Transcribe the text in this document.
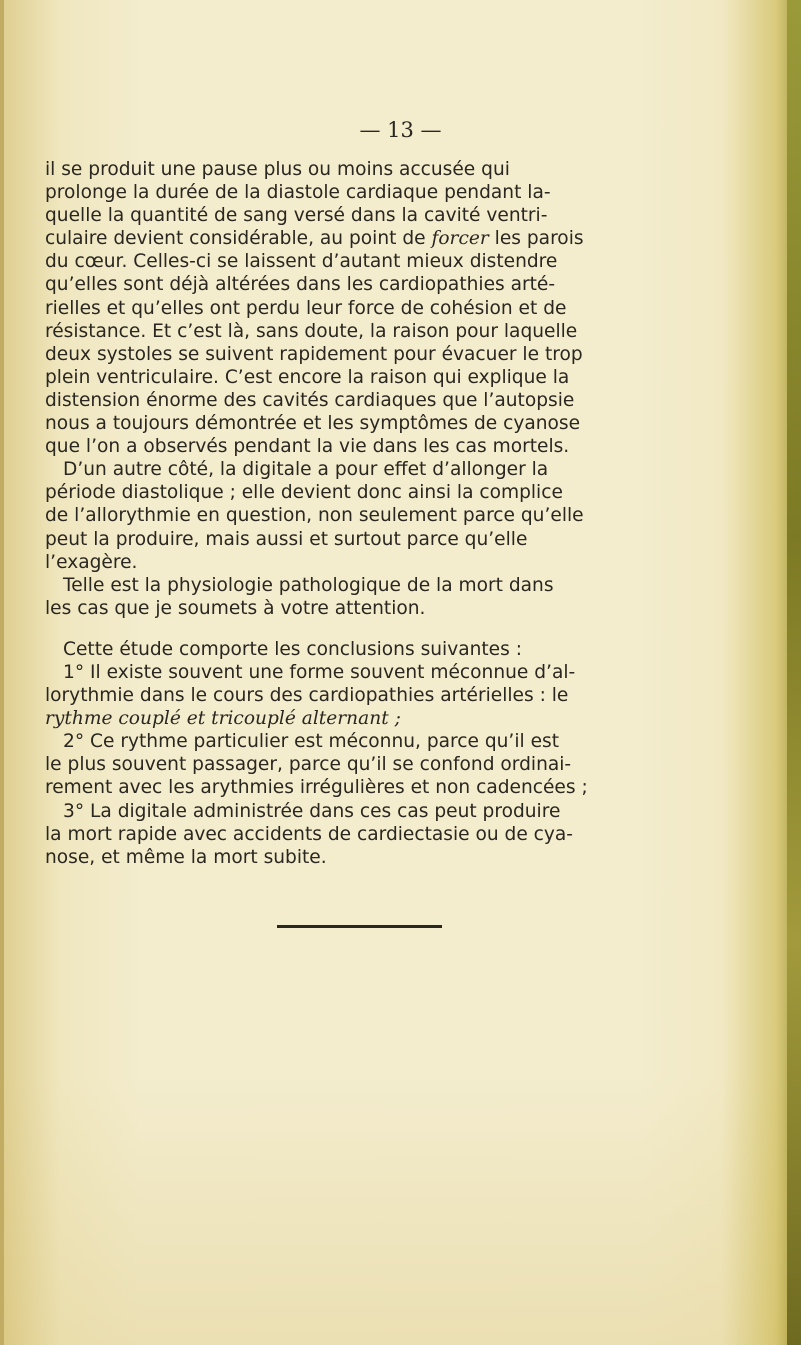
— 13 —

il se produit une pause plus ou moins accusée qui
prolonge la durée de la diastole cardiaque pendant la-
quelle la quantité de sang versé dans la cavité ventri-
culaire devient considérable, au point de forcer les parois
du cœur. Celles-ci se laissent d’autant mieux distendre
qu’elles sont déjà altérées dans les cardiopathies arté-
rielles et qu’elles ont perdu leur force de cohésion et de
résistance. Et c’est là, sans doute, la raison pour laquelle
deux systoles se suivent rapidement pour évacuer le trop
plein ventriculaire. C’est encore la raison qui explique la
distension énorme des cavités cardiaques que l’autopsie
nous a toujours démontrée et les symptômes de cyanose
que l’on a observés pendant la vie dans les cas mortels.
D’un autre côté, la digitale a pour effet d’allonger la
période diastolique ; elle devient donc ainsi la complice
de l’allorythmie en question, non seulement parce qu’elle
peut la produire, mais aussi et surtout parce qu’elle
l’exagère.
Telle est la physiologie pathologique de la mort dans
les cas que je soumets à votre attention.
Cette étude comporte les conclusions suivantes :
1° Il existe souvent une forme souvent méconnue d’al-
lorythmie dans le cours des cardiopathies artérielles : le
rythme couplé et tricouplé alternant ;
2° Ce rythme particulier est méconnu, parce qu’il est
le plus souvent passager, parce qu’il se confond ordinai-
rement avec les arythmies irrégulières et non cadencées ;
3° La digitale administrée dans ces cas peut produire
la mort rapide avec accidents de cardiectasie ou de cya-
nose, et même la mort subite.
